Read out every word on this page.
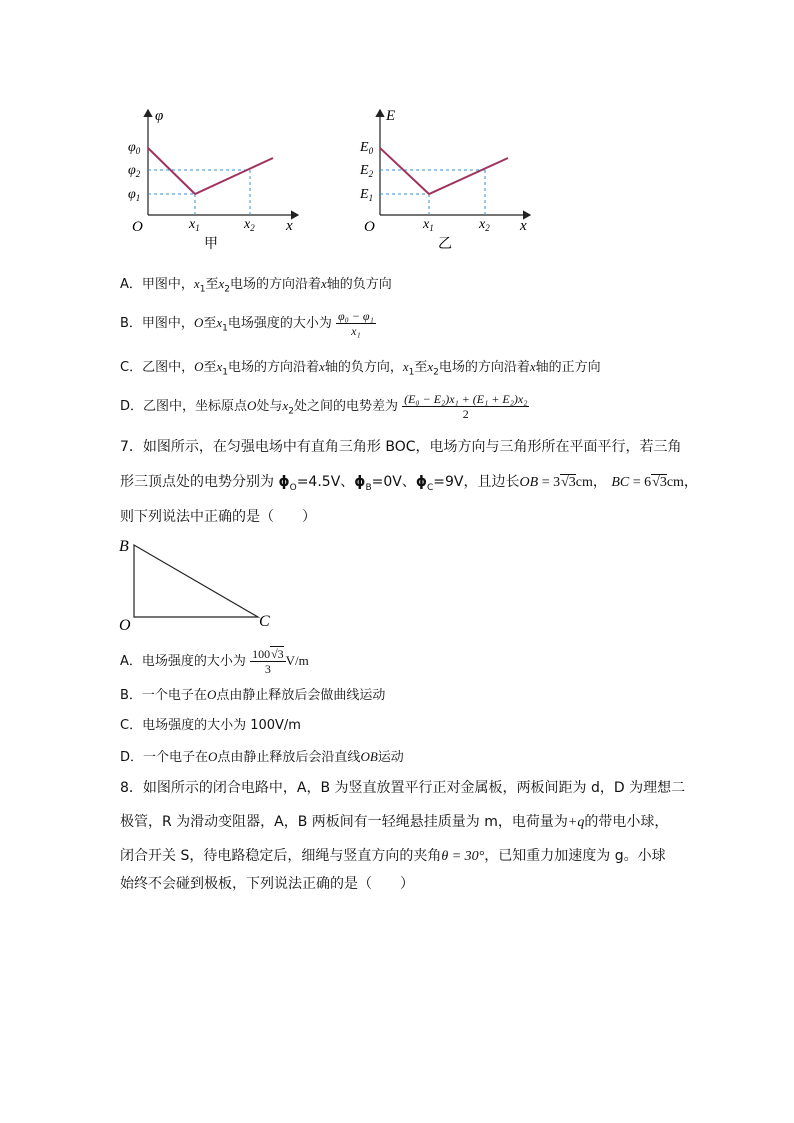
φ
$\varphi_0$
$\varphi_2$
$\varphi_1$
O	$x_1$	$x_2$ x
甲
E
$E_0$
$E_2$
$E_1$
O	$x_1$	$x_2$ x
乙
A．甲图中，$x_1$至$x_2$电场的方向沿着x轴的负方向
B．甲图中，O至$x_1$电场强度的大小为 $\frac{\text{φ₀ − φ₁}}{\text{x₁}}$
C．乙图中，O至$x_1$电场的方向沿着x轴的负方向，$x_1$至$x_2$电场的方向沿着x轴的正方向
D．乙图中，坐标原点O处与$x_2$处之间的电势差为 $\frac{\text{(E₀ − E₂)x₁ + (E₁ + E₂)x₂}}{2}$
7．如图所示，在匀强电场中有直角三角形 BOC，电场方向与三角形所在平面平行，若三角
形三顶点处的电势分别为 $\phi_O=4.5V$、$\phi_B=0V$、$\phi_C=9V$，且边长OB = 3√3cm， BC = 6√3cm，
则下列说法中正确的是（　　）
B
O	C
A．电场强度的大小为 $\frac{100√3}{3} V/m$
B．一个电子在O点由静止释放后会做曲线运动
C．电场强度的大小为 100V/m
D．一个电子在O点由静止释放后会沿直线OB运动
8．如图所示的闭合电路中，A，B 为竖直放置平行正对金属板，两板间距为 d，D 为理想二
极管，R 为滑动变阻器，A，B 两板间有一轻绳悬挂质量为 m，电荷量为+q的带电小球，
闭合开关 S，待电路稳定后，细绳与竖直方向的夹角θ = 30°，已知重力加速度为 g。小球
始终不会碰到极板，下列说法正确的是（　　）
